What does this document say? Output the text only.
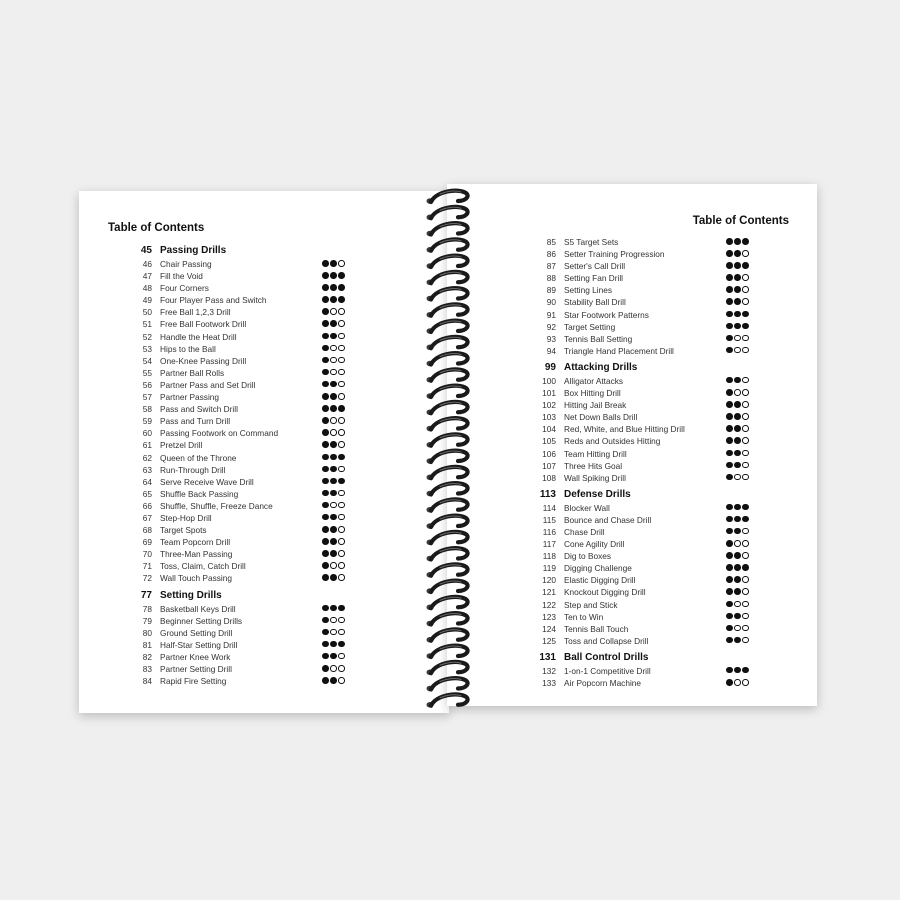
Table of Contents
45 Passing Drills
46 Chair Passing
47 Fill the Void
48 Four Corners
49 Four Player Pass and Switch
50 Free Ball 1,2,3 Drill
51 Free Ball Footwork Drill
52 Handle the Heat Drill
53 Hips to the Ball
54 One-Knee Passing Drill
55 Partner Ball Rolls
56 Partner Pass and Set Drill
57 Partner Passing
58 Pass and Switch Drill
59 Pass and Turn Drill
60 Passing Footwork on Command
61 Pretzel Drill
62 Queen of the Throne
63 Run-Through Drill
64 Serve Receive Wave Drill
65 Shuffle Back Passing
66 Shuffle, Shuffle, Freeze Dance
67 Step-Hop Drill
68 Target Spots
69 Team Popcorn Drill
70 Three-Man Passing
71 Toss, Claim, Catch Drill
72 Wall Touch Passing
77 Setting Drills
78 Basketball Keys Drill
79 Beginner Setting Drills
80 Ground Setting Drill
81 Half-Star Setting Drill
82 Partner Knee Work
83 Partner Setting Drill
84 Rapid Fire Setting
Table of Contents
85 S5 Target Sets
86 Setter Training Progression
87 Setter's Call Drill
88 Setting Fan Drill
89 Setting Lines
90 Stability Ball Drill
91 Star Footwork Patterns
92 Target Setting
93 Tennis Ball Setting
94 Triangle Hand Placement Drill
99 Attacking Drills
100 Alligator Attacks
101 Box Hitting Drill
102 Hitting Jail Break
103 Net Down Balls Drill
104 Red, White, and Blue Hitting Drill
105 Reds and Outsides Hitting
106 Team Hitting Drill
107 Three Hits Goal
108 Wall Spiking Drill
113 Defense Drills
114 Blocker Wall
115 Bounce and Chase Drill
116 Chase Drill
117 Cone Agility Drill
118 Dig to Boxes
119 Digging Challenge
120 Elastic Digging Drill
121 Knockout Digging Drill
122 Step and Stick
123 Ten to Win
124 Tennis Ball Touch
125 Toss and Collapse Drill
131 Ball Control Drills
132 1-on-1 Competitive Drill
133 Air Popcorn Machine
